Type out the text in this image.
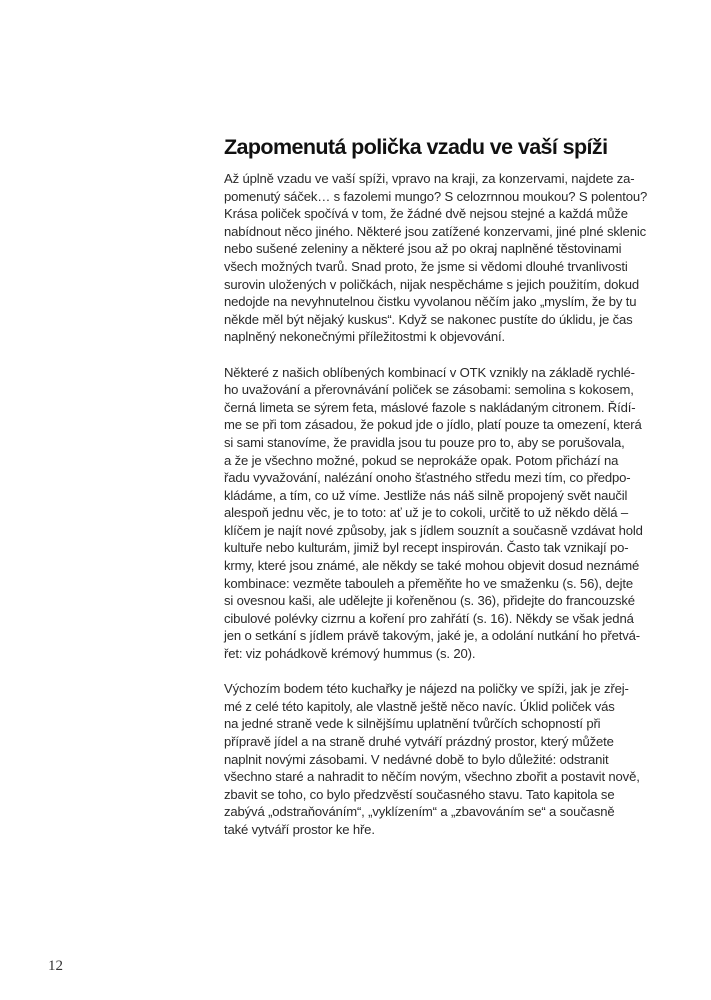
Zapomenutá polička vzadu ve vaší spíži

Až úplně vzadu ve vaší spíži, vpravo na kraji, za konzervami, najdete za-
pomenutý sáček… s fazolemi mungo? S celozrnnou moukou? S polentou?
Krása poliček spočívá v tom, že žádné dvě nejsou stejné a každá může
nabídnout něco jiného. Některé jsou zatížené konzervami, jiné plné sklenic
nebo sušené zeleniny a některé jsou až po okraj naplněné těstovinami
všech možných tvarů. Snad proto, že jsme si vědomi dlouhé trvanlivosti
surovin uložených v poličkách, nijak nespěcháme s jejich použitím, dokud
nedojde na nevyhnutelnou čistku vyvolanou něčím jako „myslím, že by tu
někde měl být nějaký kuskus“. Když se nakonec pustíte do úklidu, je čas
naplněný nekonečnými příležitostmi k objevování.

Některé z našich oblíbených kombinací v OTK vznikly na základě rychlé-
ho uvažování a přerovnávání poliček se zásobami: semolina s kokosem,
černá limeta se sýrem feta, máslové fazole s nakládaným citronem. Řídí-
me se při tom zásadou, že pokud jde o jídlo, platí pouze ta omezení, která
si sami stanovíme, že pravidla jsou tu pouze pro to, aby se porušovala,
a že je všechno možné, pokud se neprokáže opak. Potom přichází na
řadu vyvažování, nalézání onoho šťastného středu mezi tím, co předpo-
kládáme, a tím, co už víme. Jestliže nás náš silně propojený svět naučil
alespoň jednu věc, je to toto: ať už je to cokoli, určitě to už někdo dělá –
klíčem je najít nové způsoby, jak s jídlem souznít a současně vzdávat hold
kultuře nebo kulturám, jimiž byl recept inspirován. Často tak vznikají po-
krmy, které jsou známé, ale někdy se také mohou objevit dosud neznámé
kombinace: vezměte tabouleh a přeměňte ho ve smaženku (s. 56), dejte
si ovesnou kaši, ale udělejte ji kořeněnou (s. 36), přidejte do francouzské
cibulové polévky cizrnu a koření pro zahřátí (s. 16). Někdy se však jedná
jen o setkání s jídlem právě takovým, jaké je, a odolání nutkání ho přetvá-
řet: viz pohádkově krémový hummus (s. 20).

Výchozím bodem této kuchařky je nájezd na poličky ve spíži, jak je zřej-
mé z celé této kapitoly, ale vlastně ještě něco navíc. Úklid poliček vás
na jedné straně vede k silnějšímu uplatnění tvůrčích schopností při
přípravě jídel a na straně druhé vytváří prázdný prostor, který můžete
naplnit novými zásobami. V nedávné době to bylo důležité: odstranit
všechno staré a nahradit to něčím novým, všechno zbořit a postavit nově,
zbavit se toho, co bylo předzvěstí současného stavu. Tato kapitola se
zabývá „odstraňováním“, „vyklízením“ a „zbavováním se“ a současně
také vytváří prostor ke hře.

12
